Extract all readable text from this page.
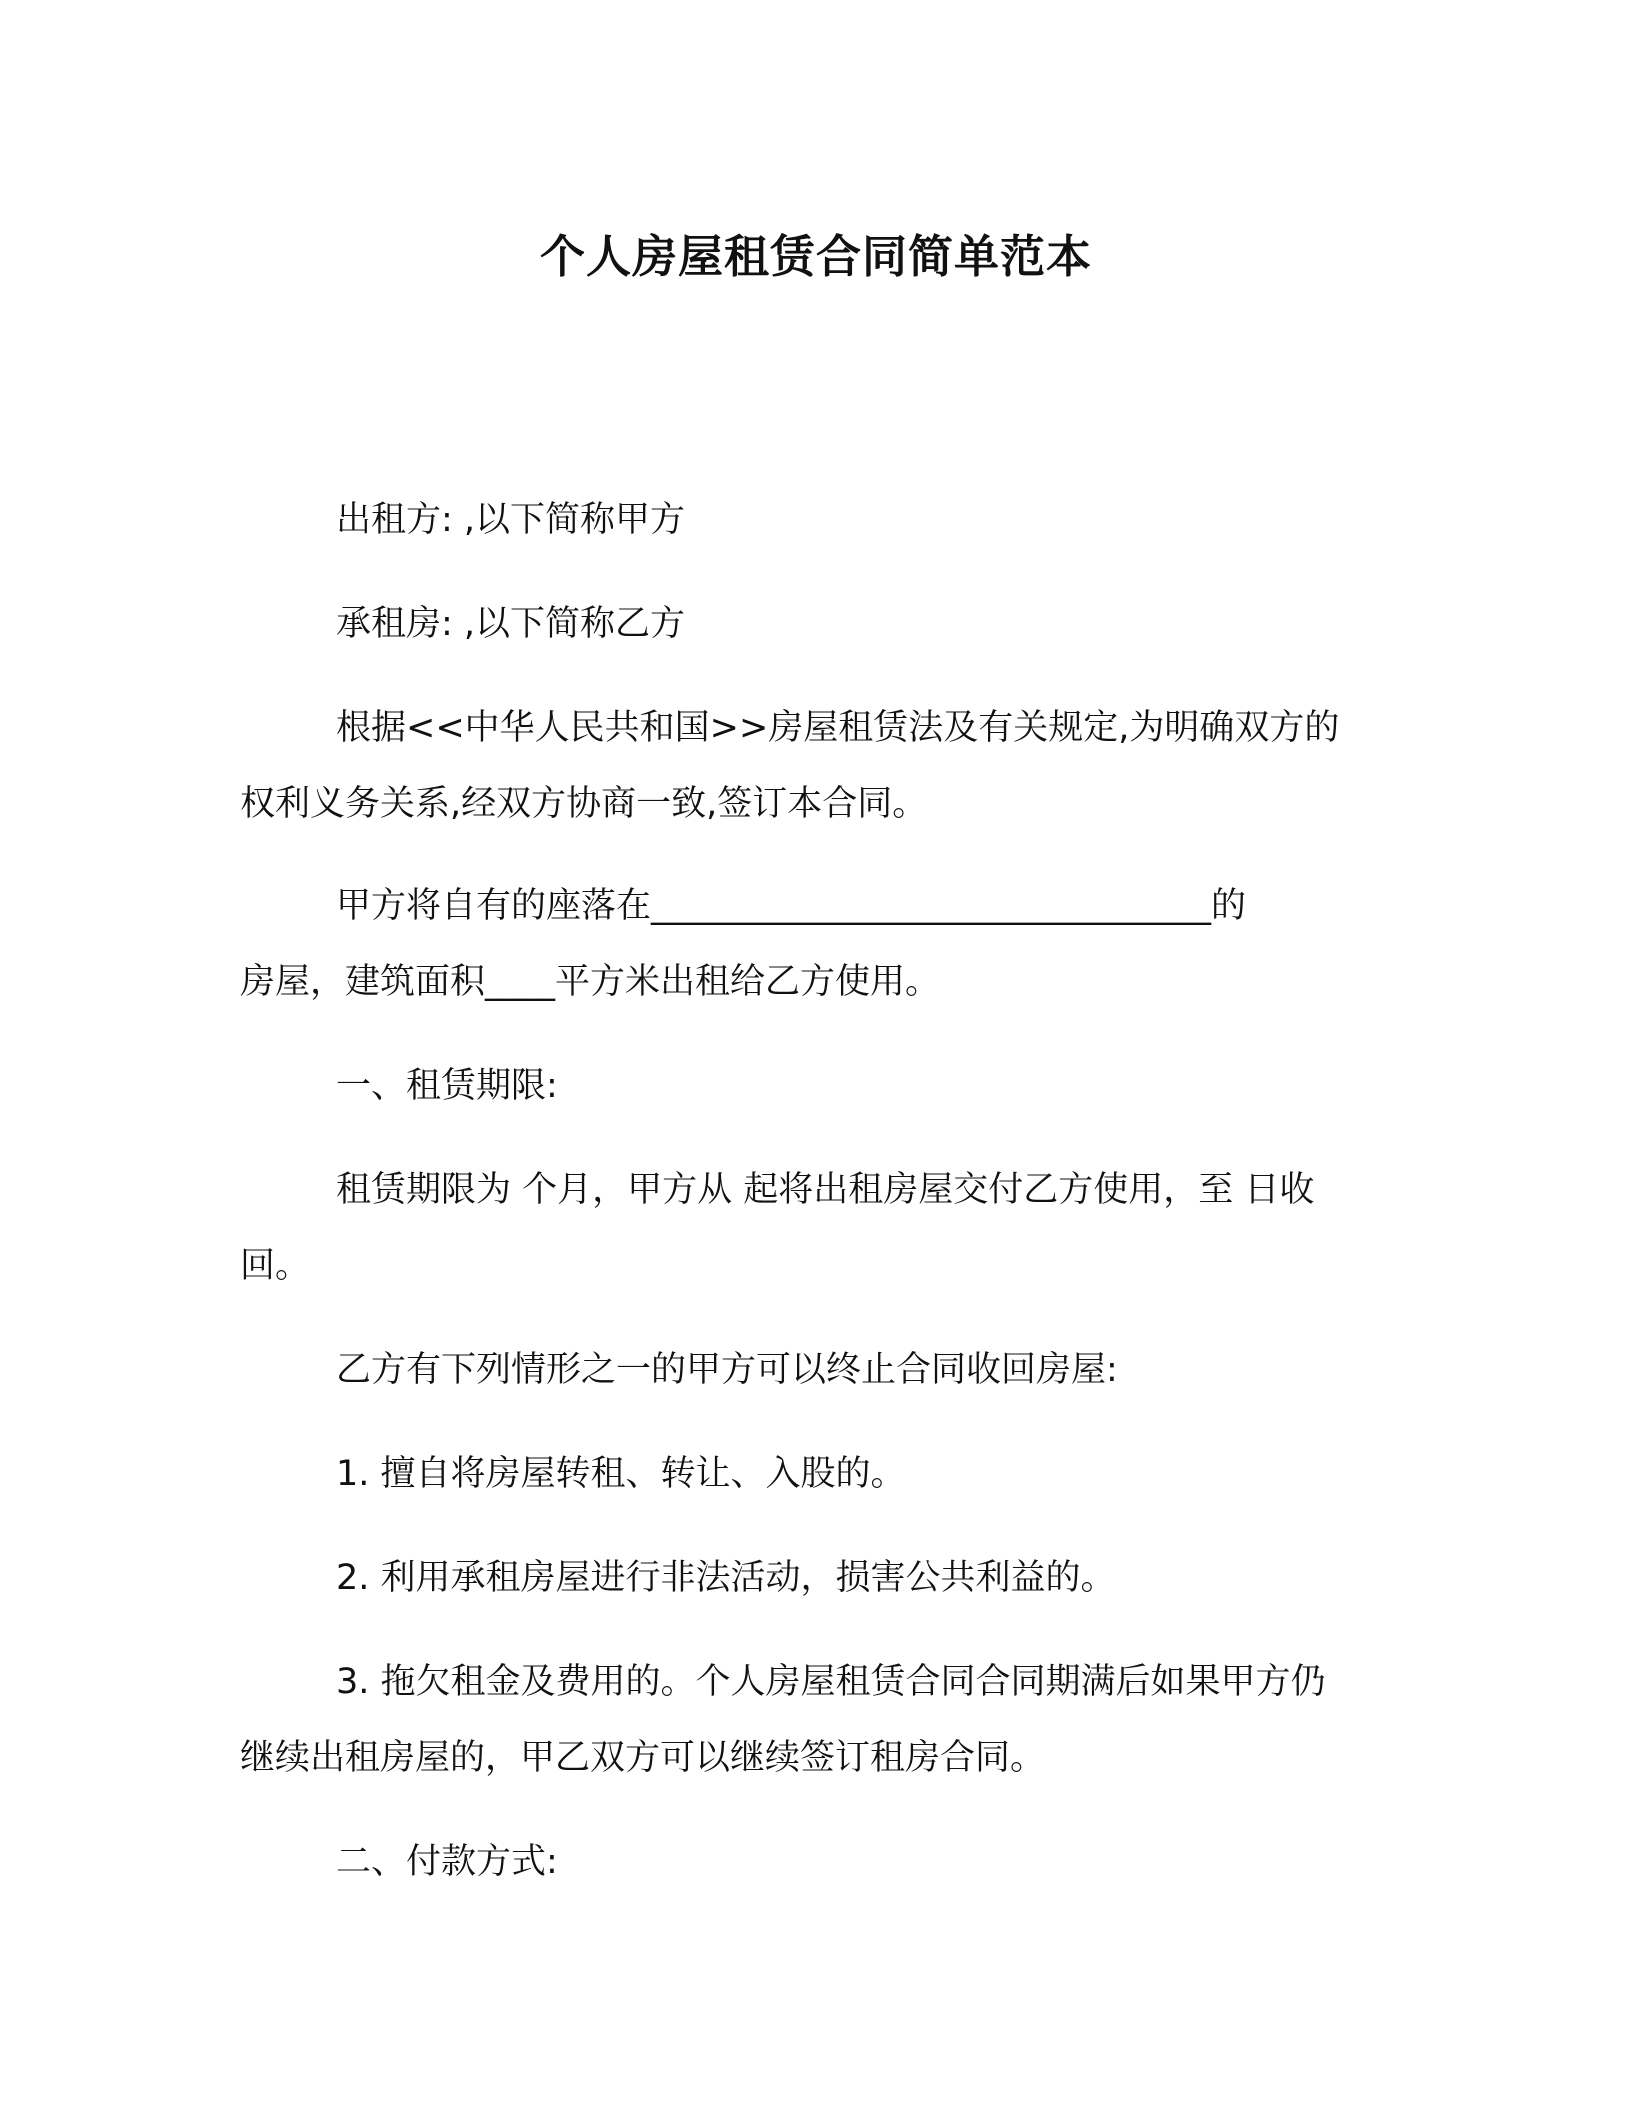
个人房屋租赁合同简单范本

出租方: ,以下简称甲方

承租房: ,以下简称乙方

根据<<中华人民共和国>>房屋租赁法及有关规定,为明确双方的

权利义务关系,经双方协商一致,签订本合同。

甲方将自有的座落在________________________________的

房屋，建筑面积____平方米出租给乙方使用。

一、租赁期限:

租赁期限为 个月，甲方从 起将出租房屋交付乙方使用，至 日收

回。

乙方有下列情形之一的甲方可以终止合同收回房屋:

1. 擅自将房屋转租、转让、入股的。

2. 利用承租房屋进行非法活动，损害公共利益的。

3. 拖欠租金及费用的。个人房屋租赁合同合同期满后如果甲方仍

继续出租房屋的，甲乙双方可以继续签订租房合同。

二、付款方式:
